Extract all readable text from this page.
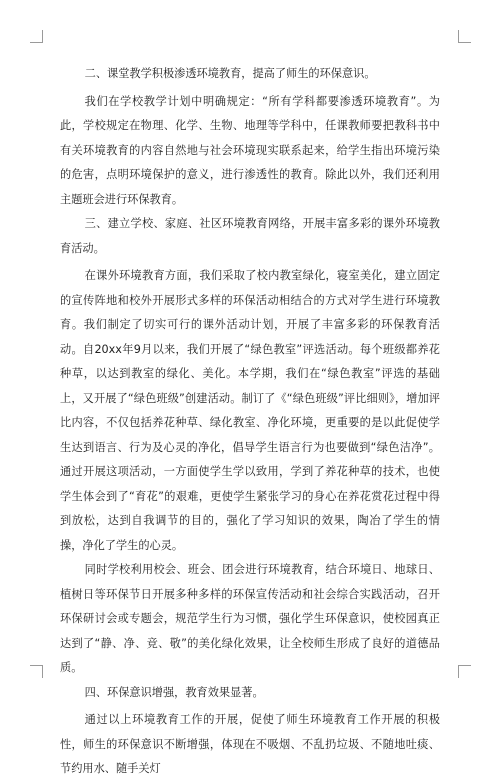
二、课堂教学积极渗透环境教育，提高了师生的环保意识。

我们在学校教学计划中明确规定：“所有学科都要渗透环境教育”。为此，学校规定在物理、化学、生物、地理等学科中，任课教师要把教科书中有关环境教育的内容自然地与社会环境现实联系起来，给学生指出环境污染的危害，点明环境保护的意义，进行渗透性的教育。除此以外，我们还利用主题班会进行环保教育。

三、建立学校、家庭、社区环境教育网络，开展丰富多彩的课外环境教育活动。

在课外环境教育方面，我们采取了校内教室绿化，寝室美化，建立固定的宣传阵地和校外开展形式多样的环保活动相结合的方式对学生进行环境教育。我们制定了切实可行的课外活动计划，开展了丰富多彩的环保教育活动。自20xx年9月以来，我们开展了“绿色教室”评选活动。每个班级都养花种草，以达到教室的绿化、美化。本学期，我们在“绿色教室”评选的基础上，又开展了“绿色班级”创建活动。制订了《“绿色班级”评比细则》，增加评比内容，不仅包括养花种草、绿化教室、净化环境，更重要的是以此促使学生达到语言、行为及心灵的净化，倡导学生语言行为也要做到“绿色洁净”。通过开展这项活动，一方面使学生学以致用，学到了养花种草的技术，也使学生体会到了“育花”的艰难，更使学生紧张学习的身心在养花赏花过程中得到放松，达到自我调节的目的，强化了学习知识的效果，陶冶了学生的情操，净化了学生的心灵。

同时学校利用校会、班会、团会进行环境教育，结合环境日、地球日、植树日等环保节日开展多种多样的环保宣传活动和社会综合实践活动，召开环保研讨会或专题会，规范学生行为习惯，强化学生环保意识，使校园真正达到了“静、净、竞、敬”的美化绿化效果，让全校师生形成了良好的道德品质。

四、环保意识增强，教育效果显著。

通过以上环境教育工作的开展，促使了师生环境教育工作开展的积极性，师生的环保意识不断增强，体现在不吸烟、不乱扔垃圾、不随地吐痰、节约用水、随手关灯
